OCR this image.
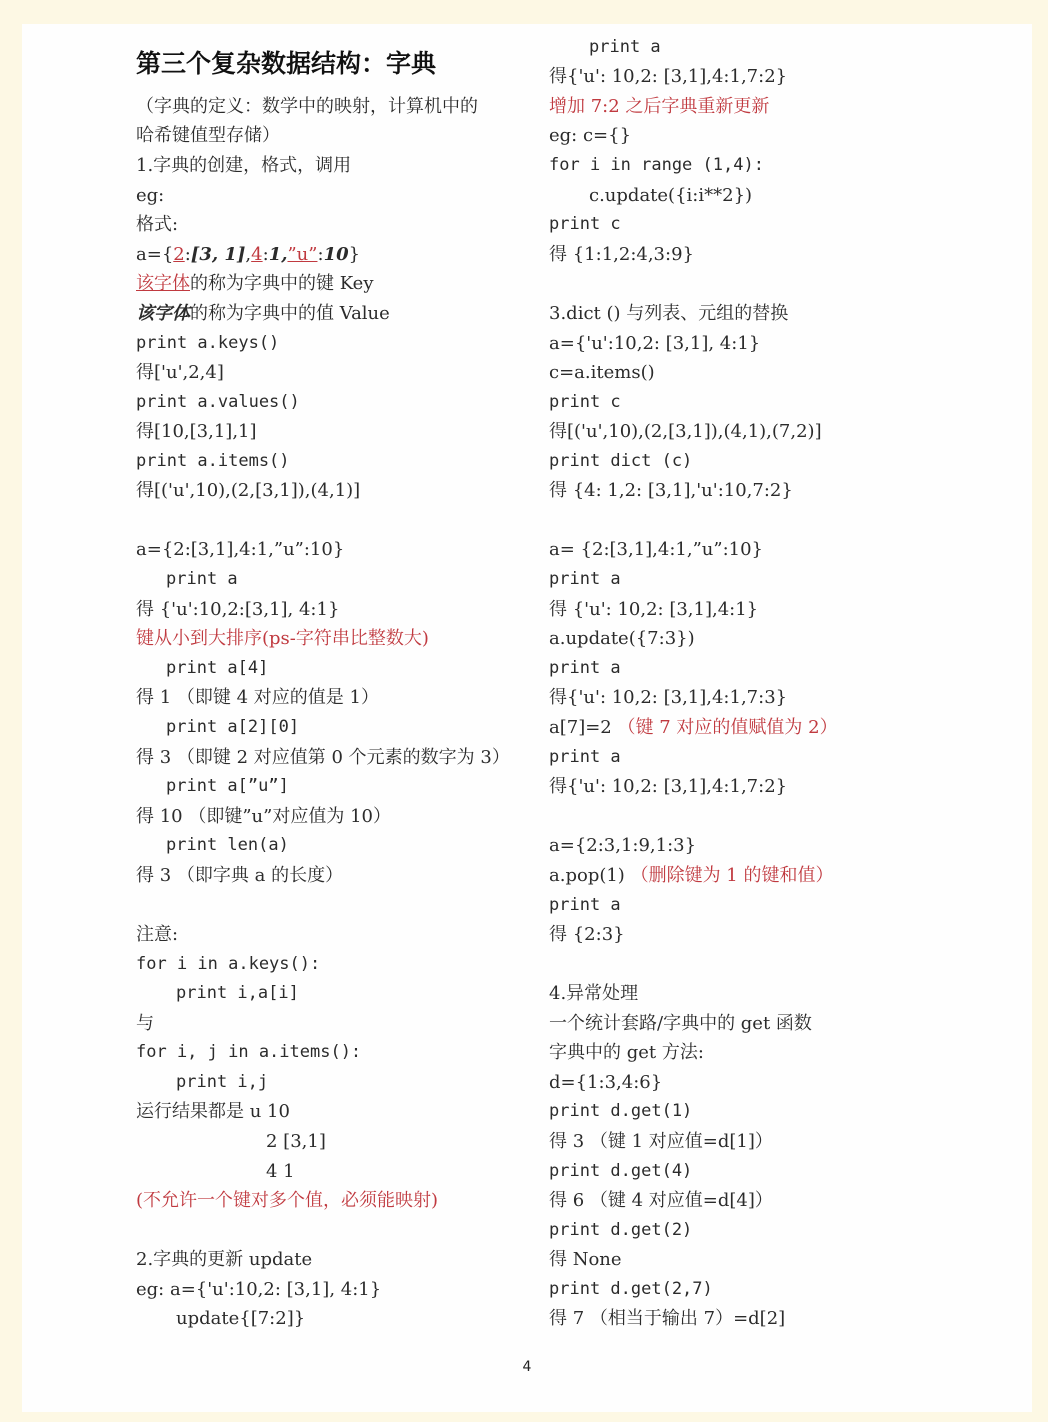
第三个复杂数据结构：字典
（字典的定义：数学中的映射，计算机中的
哈希键值型存储）
1.字典的创建，格式，调用
eg:
格式:
a={2:[3, 1],4:1,”u”:10}
该字体的称为字典中的键 Key
该字体的称为字典中的值 Value
print a.keys()
得['u',2,4]
print a.values()
得[10,[3,1],1]
print a.items()
得[('u',10),(2,[3,1]),(4,1)]
a={2:[3,1],4:1,”u”:10}
print a
得 {'u':10,2:[3,1], 4:1}
键从小到大排序(ps-字符串比整数大)
print a[4]
得 1 （即键 4 对应的值是 1）
print a[2][0]
得 3 （即键 2 对应值第 0 个元素的数字为 3）
print a[”u”]
得 10 （即键”u”对应值为 10）
print len(a)
得 3 （即字典 a 的长度）
注意:
for i in a.keys():
print i,a[i]
与
for i, j in a.items():
print i,j
运行结果都是 u 10
2 [3,1]
4 1
(不允许一个键对多个值，必须能映射)
2.字典的更新 update
eg: a={'u':10,2: [3,1], 4:1}
update{[7:2]}
print a
得{'u': 10,2: [3,1],4:1,7:2}
增加 7:2 之后字典重新更新
eg: c={}
for i in range (1,4):
c.update({i:i**2})
print c
得 {1:1,2:4,3:9}
3.dict () 与列表、元组的替换
a={'u':10,2: [3,1], 4:1}
c=a.items()
print c
得[('u',10),(2,[3,1]),(4,1),(7,2)]
print dict (c)
得 {4: 1,2: [3,1],'u':10,7:2}
a= {2:[3,1],4:1,”u”:10}
print a
得 {'u': 10,2: [3,1],4:1}
a.update({7:3})
print a
得{'u': 10,2: [3,1],4:1,7:3}
a[7]=2 （键 7 对应的值赋值为 2）
print a
得{'u': 10,2: [3,1],4:1,7:2}
a={2:3,1:9,1:3}
a.pop(1) （删除键为 1 的键和值）
print a
得 {2:3}
4.异常处理
一个统计套路/字典中的 get 函数
字典中的 get 方法:
d={1:3,4:6}
print d.get(1)
得 3 （键 1 对应值=d[1]）
print d.get(4)
得 6 （键 4 对应值=d[4]）
print d.get(2)
得 None
print d.get(2,7)
得 7 （相当于输出 7）=d[2]
4
